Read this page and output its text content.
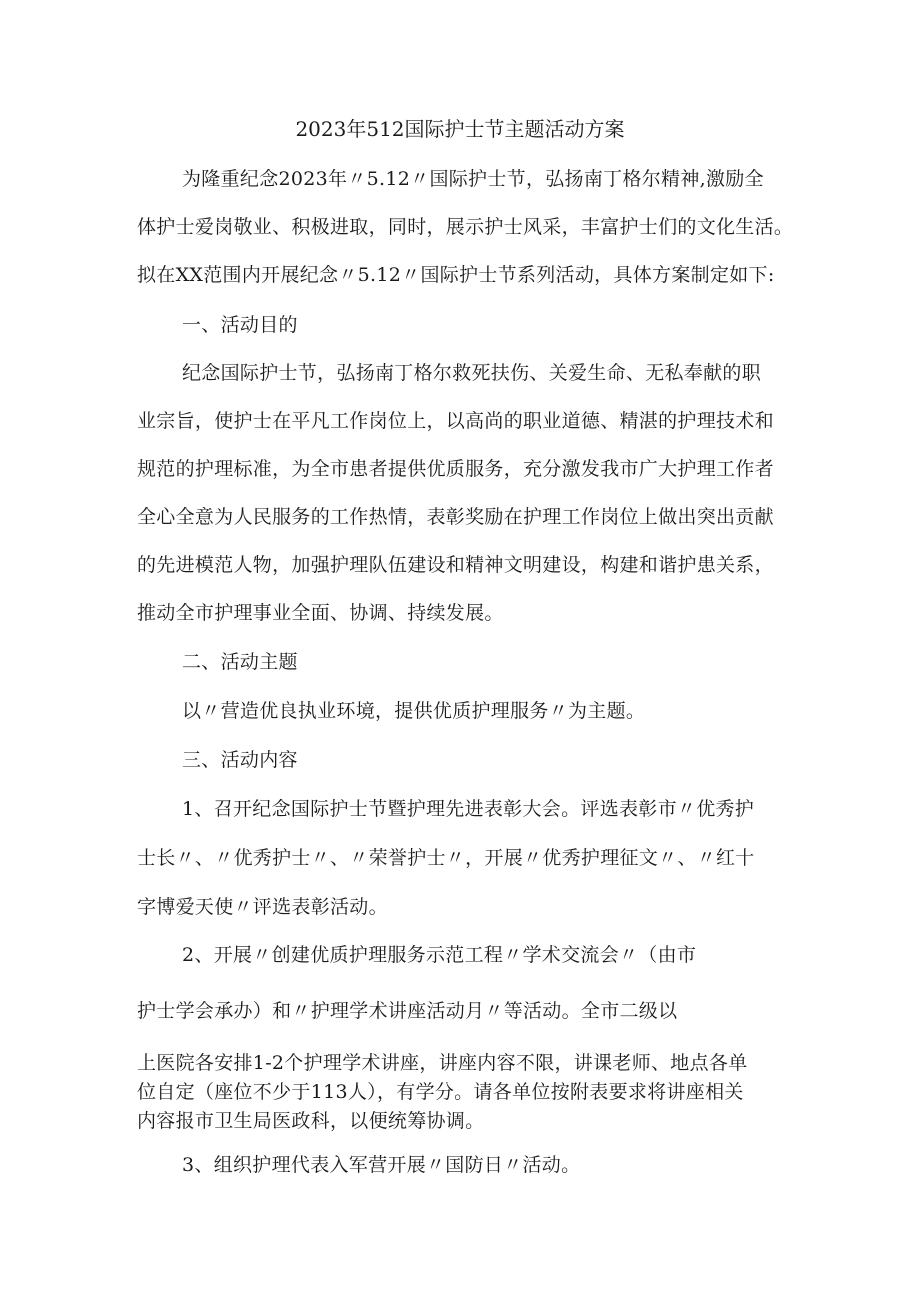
2023年512国际护士节主题活动方案
为隆重纪念2023年〃5.12〃国际护士节，弘扬南丁格尔精神,激励全
体护士爱岗敬业、积极进取，同时，展示护士风采，丰富护士们的文化生活。
拟在XX范围内开展纪念〃5.12〃国际护士节系列活动，具体方案制定如下:
一、活动目的
纪念国际护士节，弘扬南丁格尔救死扶伤、关爱生命、无私奉献的职
业宗旨，使护士在平凡工作岗位上，以高尚的职业道德、精湛的护理技术和
规范的护理标准，为全市患者提供优质服务，充分激发我市广大护理工作者
全心全意为人民服务的工作热情，表彰奖励在护理工作岗位上做出突出贡献
的先进模范人物，加强护理队伍建设和精神文明建设，构建和谐护患关系，
推动全市护理事业全面、协调、持续发展。
二、活动主题
以〃营造优良执业环境，提供优质护理服务〃为主题。
三、活动内容
1、召开纪念国际护士节暨护理先进表彰大会。评选表彰市〃优秀护
士长〃、〃优秀护士〃、〃荣誉护士〃，开展〃优秀护理征文〃、〃红十
字博爱天使〃评选表彰活动。
2、开展〃创建优质护理服务示范工程〃学术交流会〃（由市
护士学会承办）和〃护理学术讲座活动月〃等活动。全市二级以
上医院各安排1-2个护理学术讲座，讲座内容不限，讲课老师、地点各单
位自定（座位不少于113人），有学分。请各单位按附表要求将讲座相关
内容报市卫生局医政科，以便统筹协调。
3、组织护理代表入军营开展〃国防日〃活动。
